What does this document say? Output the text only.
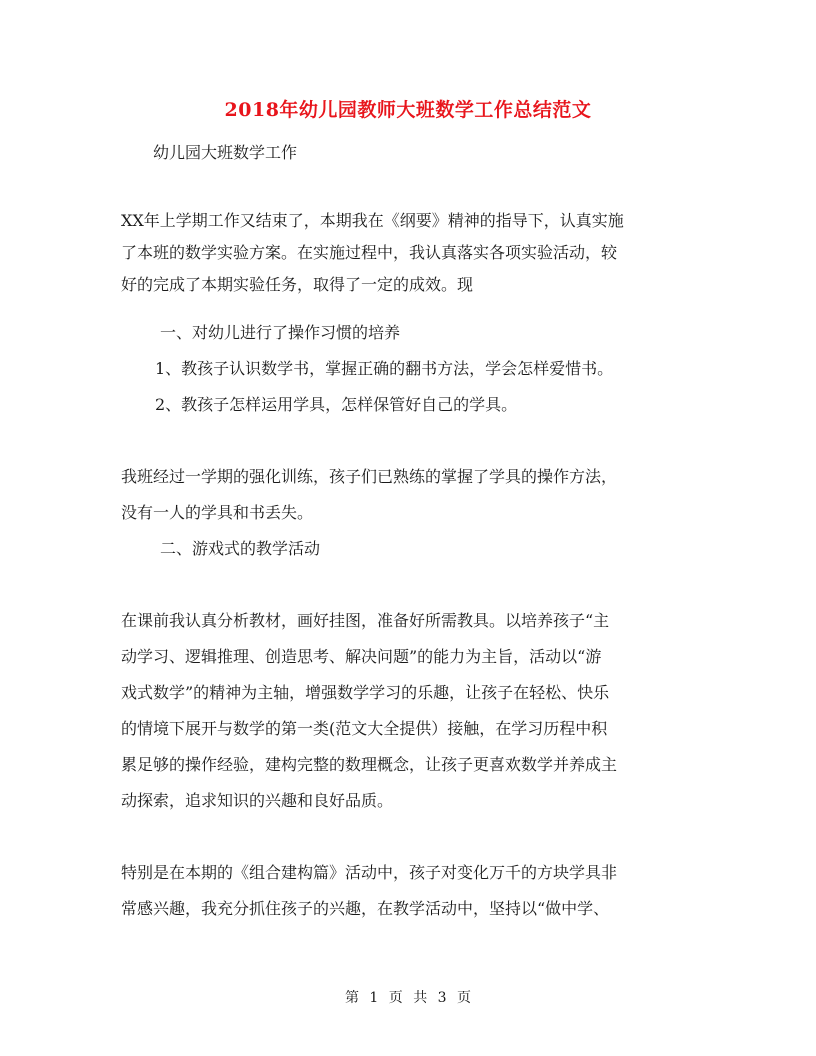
2018年幼儿园教师大班数学工作总结范文
幼儿园大班数学工作
XX年上学期工作又结束了，本期我在《纲要》精神的指导下，认真实施
了本班的数学实验方案。在实施过程中，我认真落实各项实验活动，较
好的完成了本期实验任务，取得了一定的成效。现
一、对幼儿进行了操作习惯的培养
1、教孩子认识数学书，掌握正确的翻书方法，学会怎样爱惜书。
2、教孩子怎样运用学具，怎样保管好自己的学具。
我班经过一学期的强化训练，孩子们已熟练的掌握了学具的操作方法，
没有一人的学具和书丢失。
二、游戏式的教学活动
在课前我认真分析教材，画好挂图，准备好所需教具。以培养孩子“主
动学习、逻辑推理、创造思考、解决问题”的能力为主旨，活动以“游
戏式数学”的精神为主轴，增强数学学习的乐趣，让孩子在轻松、快乐
的情境下展开与数学的第一类(范文大全提供）接触，在学习历程中积
累足够的操作经验，建构完整的数理概念，让孩子更喜欢数学并养成主
动探索，追求知识的兴趣和良好品质。
特别是在本期的《组合建构篇》活动中，孩子对变化万千的方块学具非
常感兴趣，我充分抓住孩子的兴趣，在教学活动中，坚持以“做中学、
第 1 页 共 3 页
